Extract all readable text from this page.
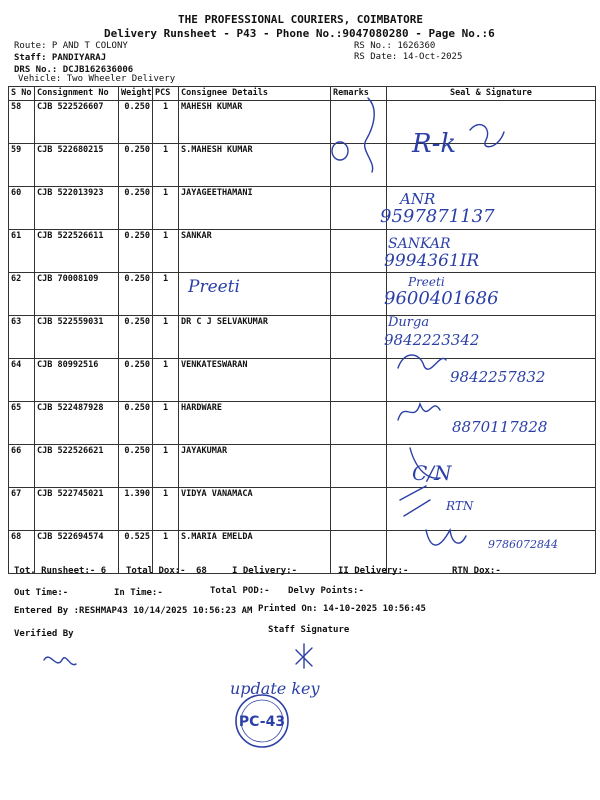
THE PROFESSIONAL COURIERS, COIMBATORE
Delivery Runsheet - P43 - Phone No.:9047080280 - Page No.:6
Route: P AND T COLONY
Staff: PANDIYARAJ
DRS No.: DCJB162636006
Vehicle: Two Wheeler Delivery
RS No.: 1626360
RS Date: 14-Oct-2025
S No	Consignment No	Weight	PCS	Consignee Details	Remarks	Seal & Signature
58	CJB 522526607	0.250	1	MAHESH KUMAR		
59	CJB 522680215	0.250	1	S.MAHESH KUMAR		
60	CJB 522013923	0.250	1	JAYAGEETHAMANI		
61	CJB 522526611	0.250	1	SANKAR		
62	CJB 70008109	0.250	1			
63	CJB 522559031	0.250	1	DR C J SELVAKUMAR		
64	CJB 80992516	0.250	1	VENKATESWARAN		
65	CJB 522487928	0.250	1	HARDWARE		
66	CJB 522526621	0.250	1	JAYAKUMAR		
67	CJB 522745021	1.390	1	VIDYA VANAMACA		
68	CJB 522694574	0.525	1	S.MARIA EMELDA		
Tot. Runsheet:- 6 Total Dox:- 68	I Delivery:-	II Delivery:-	RTN Dox:-
Out Time:-	In Time:-	Total POD:- Delvy Points:-
Entered By :RESHMAP43 10/14/2025 10:56:23 AM Printed On: 14-10-2025 10:56:45
Verified By	Staff Signature
R-k
ANR
9597871137
SANKAR
9994361IR
Preeti	Preeti
9600401686
Durga
9842223342
9842257832
8870117828
C/N
RTN
9786072844
update key
PC-43
